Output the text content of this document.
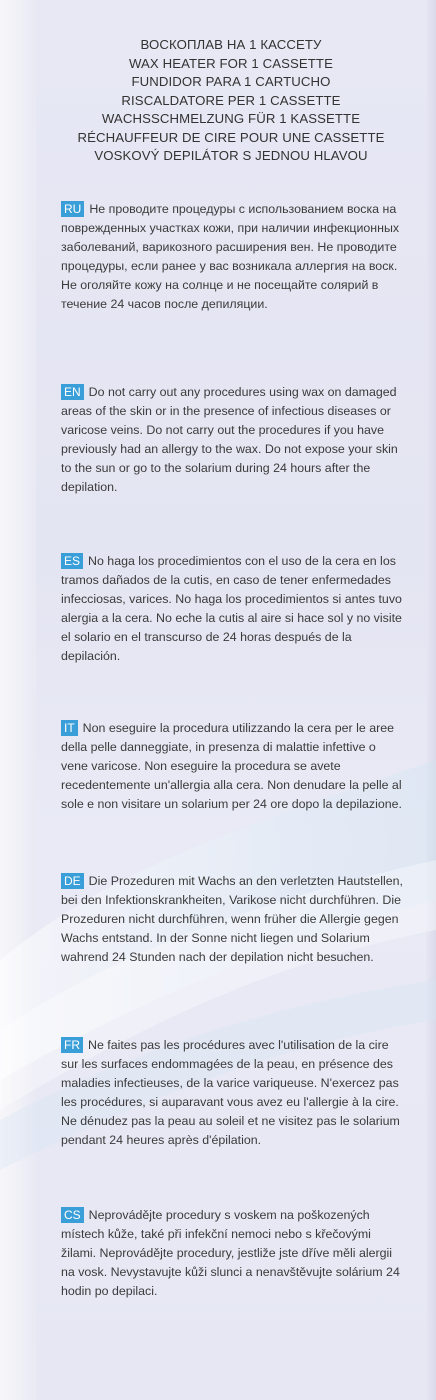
ВОСКОПЛАВ НА 1 КАССЕТУ
WAX HEATER FOR 1 CASSETTE
FUNDIDOR PARA 1 CARTUCHO
RISCALDATORE PER 1 CASSETTE
WACHSSCHMELZUNG FÜR 1 KASSETTE
RÉCHAUFFEUR DE CIRE POUR UNE CASSETTE
VOSKOVÝ DEPILÁTOR S JEDNOU HLAVOU
RU Не проводите процедуры с использованием воска на поврежденных участках кожи, при наличии инфекционных заболеваний, варикозного расширения вен. Не проводите процедуры, если ранее у вас возникала аллергия на воск. Не оголяйте кожу на солнце и не посещайте солярий в течение 24 часов после депиляции.
EN Do not carry out any procedures using wax on damaged areas of the skin or in the presence of infectious diseases or varicose veins. Do not carry out the procedures if you have previously had an allergy to the wax. Do not expose your skin to the sun or go to the solarium during 24 hours after the depilation.
ES No haga los procedimientos con el uso de la cera en los tramos dañados de la cutis, en caso de tener enfermedades infecciosas, varices. No haga los procedimientos si antes tuvo alergia a la cera. No eche la cutis al aire si hace sol y no visite el solario en el transcurso de 24 horas después de la depilación.
IT Non eseguire la procedura utilizzando la cera per le aree della pelle danneggiate, in presenza di malattie infettive o vene varicose. Non eseguire la procedura se avete recedentemente un'allergia alla cera. Non denudare la pelle al sole e non visitare un solarium per 24 ore dopo la depilazione.
DE Die Prozeduren mit Wachs an den verletzten Hautstellen, bei den Infektionskrankheiten, Varikose nicht durchführen. Die Prozeduren nicht durchführen, wenn früher die Allergie gegen Wachs entstand. In der Sonne nicht liegen und Solarium wahrend 24 Stunden nach der depilation nicht besuchen.
FR Ne faites pas les procédures avec l'utilisation de la cire sur les surfaces endommagées de la peau, en présence des maladies infectieuses, de la varice variqueuse. N'exercez pas les procédures, si auparavant vous avez eu l'allergie à la cire. Ne dénudez pas la peau au soleil et ne visitez pas le solarium pendant 24 heures après d'épilation.
CS Neprovádějte procedury s voskem na poškozených místech kůže, také při infekční nemoci nebo s křečovými žilami. Neprovádějte procedury, jestliže jste dříve měli alergii na vosk. Nevystavujte kůži slunci a nenavštěvujte solárium 24 hodin po depilaci.
